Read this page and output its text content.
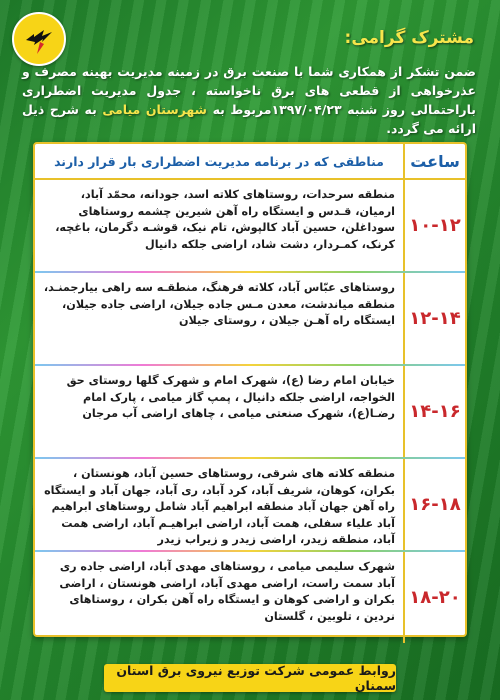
مشترک گرامی:
ضمن تشکر از همکاری شما با صنعت برق در زمینه مدیریت بهینه مصرف و عذرخواهی از قطعی های برق ناخواسته ، جدول مدیریت اضطراری باراحتمالی روز شنبه ۱۳۹۷/۰۴/۲۳مربوط به شهرستان میامی به شرح ذیل ارائه می گردد.
ساعت
مناطقی که در برنامه مدیریت اضطراری بار قرار دارند
۱۰-۱۲
منطقه سرحدات، روستاهای کلاته اسد، جودانه، محمّد آباد، ارمیان، قـدس و ایستگاه راه آهن شیرین چشمه روستاهای سوداغلن، حسین آباد کالپوش، تام نیک، قوشـه دگرمان، باغچه، کرنک، کمـردار، دشت شاد، اراضی جلکه دانیال
۱۲-۱۴
روستاهای عبّاس آباد، کلاته فرهنگ، منطقـه سه راهی بیارجمنـد، منطقه میاندشت، معدن مـس جاده جیلان، اراضی جاده جیلان، ایستگاه راه آهـن جیلان ، روستای جیلان
۱۴-۱۶
خیابان امام رضا (ع)، شهرک امام و شهرک گلها روستای حق الخواجه، اراضی جلکه دانیال ، پمپ گاز میامی ، پارک امام رضـا(ع)، شهرک صنعتی میامی ، چاهای اراضی آب مرجان
۱۶-۱۸
منطقه کلاته های شرقی، روستاهای حسین آباد، هونستان ، بکران، کوهان، شریف آباد، کرد آباد، ری آباد، جهان آباد و ایستگاه راه آهن جهان آباد منطقه ابراهیم آباد شامل روستاهای ابراهیم آباد علیاء سفلی، همت آباد، اراضی ابراهیـم آباد، اراضی همت آباد، منطقه زیدر، اراضی زیدر و زیراب زیدر
۱۸-۲۰
شهرک سلیمی میامی ، روستاهای مهدی آباد، اراضی جاده ری آباد سمت راست، اراضی مهدی آباد، اراضی هونستان ، اراضی بکران و اراضی کوهان و ایستگاه راه آهن بکران ، روستاهای نردین ، تلوبین ، گلستان
روابط عمومی شرکت توزیع نیروی برق استان سمنان
